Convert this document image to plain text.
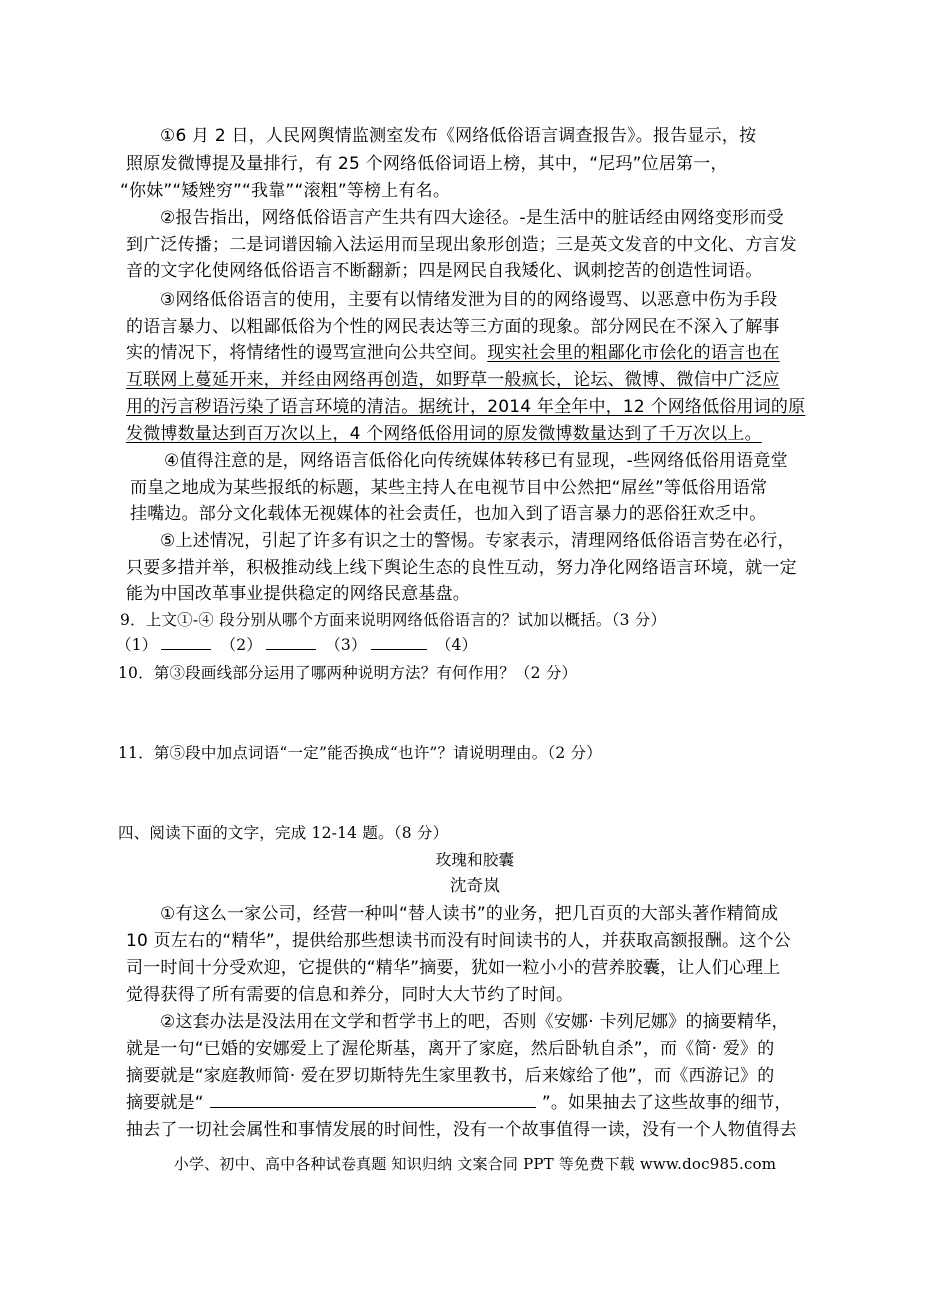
①6 月 2 日，人民网舆情监测室发布《网络低俗语言调查报告》。报告显示，按
照原发微博提及量排行，有 25 个网络低俗词语上榜，其中，“尼玛”位居第一，
“你妹”“矮矬穷”“我靠”“滚粗”等榜上有名。
②报告指出，网络低俗语言产生共有四大途径。-是生活中的脏话经由网络变形而受
到广泛传播；二是词谱因输入法运用而呈现出象形创造；三是英文发音的中文化、方言发
音的文字化使网络低俗语言不断翻新；四是网民自我矮化、讽刺挖苦的创造性词语。
③网络低俗语言的使用，主要有以情绪发泄为目的的网络谩骂、以恶意中伤为手段
的语言暴力、以粗鄙低俗为个性的网民表达等三方面的现象。部分网民在不深入了解事
实的情况下，将情绪性的谩骂宣泄向公共空间。现实社会里的粗鄙化市侩化的语言也在
互联网上蔓延开来，并经由网络再创造，如野草一般疯长，论坛、微博、微信中广泛应
用的污言秽语污染了语言环境的清洁。据统计，2014 年全年中，12 个网络低俗用词的原
发微博数量达到百万次以上，4 个网络低俗用词的原发微博数量达到了千万次以上。
④值得注意的是，网络语言低俗化向传统媒体转移已有显现，-些网络低俗用语竟堂
而皇之地成为某些报纸的标题，某些主持人在电视节目中公然把“屌丝”等低俗用语常
挂嘴边。部分文化载体无视媒体的社会责任，也加入到了语言暴力的恶俗狂欢乏中。
⑤上述情况，引起了许多有识之士的警惕。专家表示，清理网络低俗语言势在必行，
只要多措并举，积极推动线上线下舆论生态的良性互动，努力净化网络语言环境，就一定
能为中国改革事业提供稳定的网络民意基盘。
9．上文①-④ 段分别从哪个方面来说明网络低俗语言的？试加以概括。（3 分）
（1）	（2）	（3）	（4）
10．第③段画线部分运用了哪两种说明方法？有何作用？（2 分）
11．第⑤段中加点词语“一定”能否换成“也许”？请说明理由。（2 分）
四、阅读下面的文字，完成 12-14 题。（8 分）
玫瑰和胶囊
沈奇岚
①有这么一家公司，经营一种叫“替人读书”的业务，把几百页的大部头著作精简成
10 页左右的“精华”，提供给那些想读书而没有时间读书的人，并获取高额报酬。这个公
司一时间十分受欢迎，它提供的“精华”摘要，犹如一粒小小的营养胶囊，让人们心理上
觉得获得了所有需要的信息和养分，同时大大节约了时间。
②这套办法是没法用在文学和哲学书上的吧，否则《安娜· 卡列尼娜》的摘要精华，
就是一句“已婚的安娜爱上了渥伦斯基，离开了家庭，然后卧轨自杀”，而《简· 爱》的
摘要就是“家庭教师简· 爱在罗切斯特先生家里教书，后来嫁给了他”，而《西游记》的
摘要就是“	”。如果抽去了这些故事的细节，
抽去了一切社会属性和事情发展的时间性，没有一个故事值得一读，没有一个人物值得去
小学、初中、高中各种试卷真题 知识归纳 文案合同 PPT 等免费下载 www.doc985.com
